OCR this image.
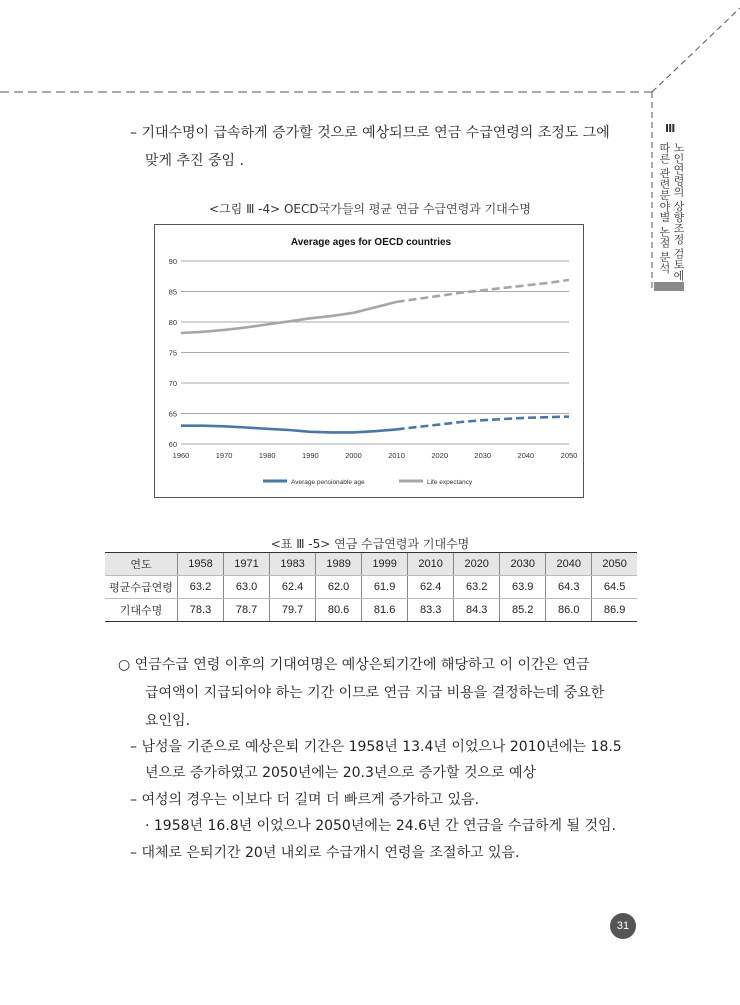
Ⅲ
노인연령의 상향조정 검토에
따른 관련분야별 논점 분석
– 기대수명이 급속하게 증가할 것으로 예상되므로 연금 수급연령의 조정도 그에
맞게 추진 중임 .
<그림 Ⅲ -4> OECD국가들의 평균 연금 수급연령과 기대수명
Average ages for OECD countries
60
65
70
75
80
85
90
1960	1970	1980	1990	2000	2010	2020	2030	2040	2050
Average pensionable age	Life expectancy
<표 Ⅲ -5> 연금 수급연령과 기대수명
연도	1958	1971	1983	1989	1999	2010	2020	2030	2040	2050
평균수급연령	63.2	63.0	62.4	62.0	61.9	62.4	63.2	63.9	64.3	64.5
기대수명	78.3	78.7	79.7	80.6	81.6	83.3	84.3	85.2	86.0	86.9
○ 연금수급 연령 이후의 기대여명은 예상은퇴기간에 해당하고 이 이간은 연금
급여액이 지급되어야 하는 기간 이므로 연금 지급 비용을 결정하는데 중요한
요인임.
– 남성을 기준으로 예상은퇴 기간은 1958년 13.4년 이었으나 2010년에는 18.5
년으로 증가하였고 2050년에는 20.3년으로 증가할 것으로 예상
– 여성의 경우는 이보다 더 길며 더 빠르게 증가하고 있음.
· 1958년 16.8년 이었으나 2050년에는 24.6년 간 연금을 수급하게 될 것임.
– 대체로 은퇴기간 20년 내외로 수급개시 연령을 조절하고 있음.
31
